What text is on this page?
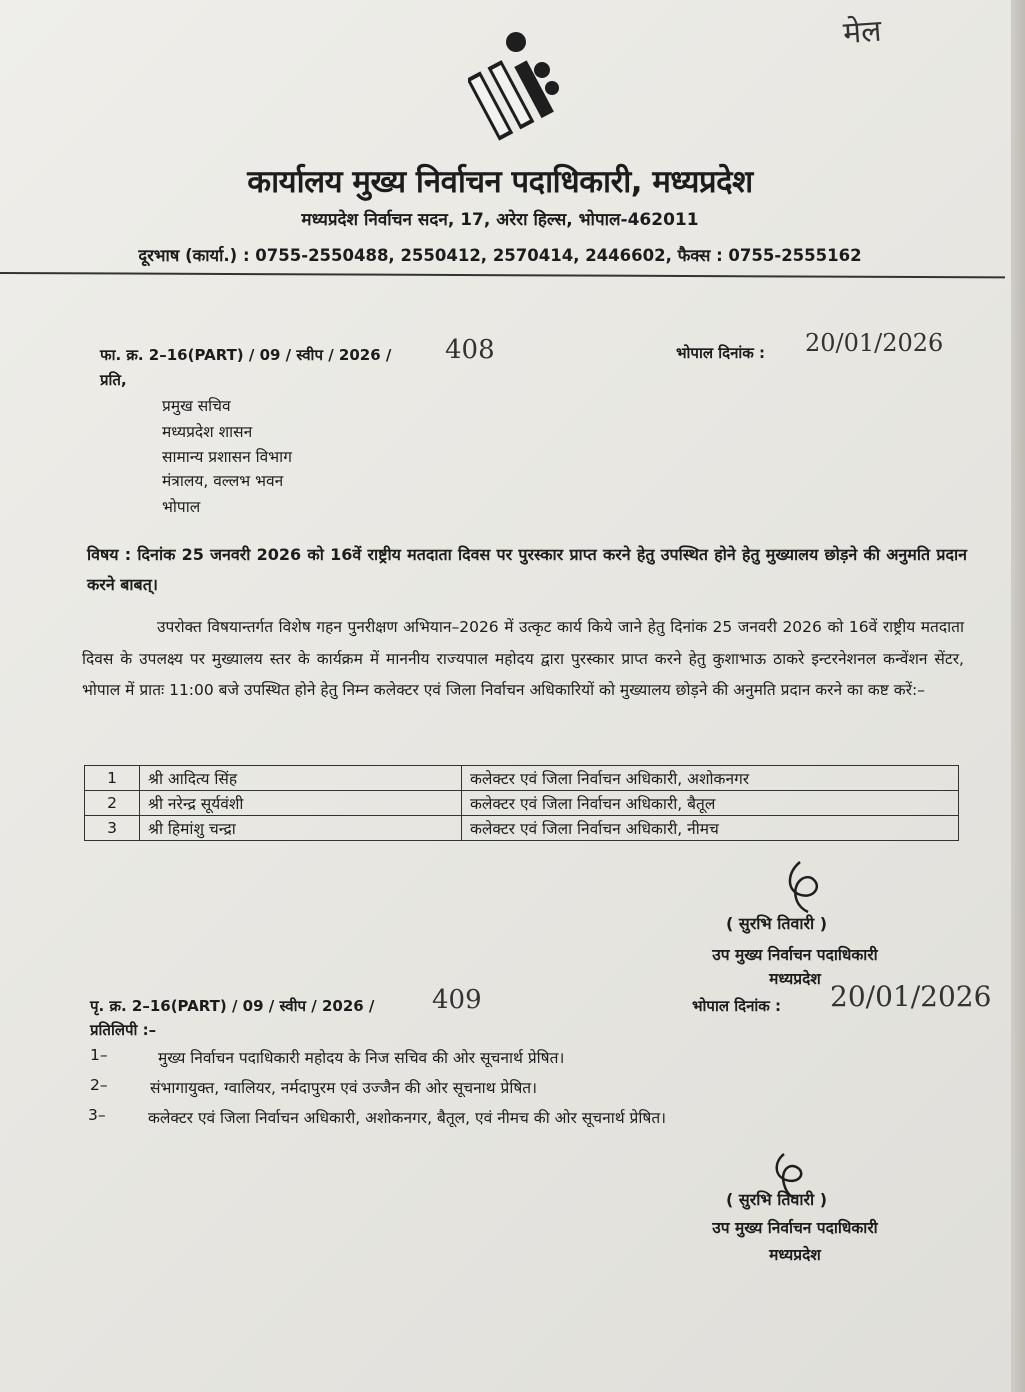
मेल
कार्यालय मुख्य निर्वाचन पदाधिकारी, मध्यप्रदेश
मध्यप्रदेश निर्वाचन सदन, 17, अरेरा हिल्स, भोपाल-462011
दूरभाष (कार्या.) : 0755-2550488, 2550412, 2570414, 2446602, फैक्स : 0755-2555162
फा. क्र. 2–16(PART) / 09 / स्वीप / 2026 / 408	भोपाल दिनांक : 20/01/2026
प्रति,
प्रमुख सचिव
मध्यप्रदेश शासन
सामान्य प्रशासन विभाग
मंत्रालय, वल्लभ भवन
भोपाल
विषय : दिनांक 25 जनवरी 2026 को 16वें राष्ट्रीय मतदाता दिवस पर पुरस्कार प्राप्त करने हेतु उपस्थित होने हेतु मुख्यालय छोड़ने की अनुमति प्रदान करने बाबत्।
उपरोक्त विषयान्तर्गत विशेष गहन पुनरीक्षण अभियान–2026 में उत्कृट कार्य किये जाने हेतु दिनांक 25 जनवरी 2026 को 16वें राष्ट्रीय मतदाता दिवस के उपलक्ष्य पर मुख्यालय स्तर के कार्यक्रम में माननीय राज्यपाल महोदय द्वारा पुरस्कार प्राप्त करने हेतु कुशाभाऊ ठाकरे इन्टरनेशनल कन्वेंशन सेंटर, भोपाल में प्रातः 11:00 बजे उपस्थित होने हेतु निम्न कलेक्टर एवं जिला निर्वाचन अधिकारियों को मुख्यालय छोड़ने की अनुमति प्रदान करने का कष्ट करें:–
1	श्री आदित्य सिंह	कलेक्टर एवं जिला निर्वाचन अधिकारी, अशोकनगर
2	श्री नरेन्द्र सूर्यवंशी	कलेक्टर एवं जिला निर्वाचन अधिकारी, बैतूल
3	श्री हिमांशु चन्द्रा	कलेक्टर एवं जिला निर्वाचन अधिकारी, नीमच
( सुरभि तिवारी )
उप मुख्य निर्वाचन पदाधिकारी
मध्यप्रदेश
पृ. क्र. 2–16(PART) / 09 / स्वीप / 2026 / 409	भोपाल दिनांक : 20/01/2026
प्रतिलिपी :–
1–	मुख्य निर्वाचन पदाधिकारी महोदय के निज सचिव की ओर सूचनार्थ प्रेषित।
2–	संभागायुक्त, ग्वालियर, नर्मदापुरम एवं उज्जैन की ओर सूचनाथ प्रेषित।
3–	कलेक्टर एवं जिला निर्वाचन अधिकारी, अशोकनगर, बैतूल, एवं नीमच की ओर सूचनार्थ प्रेषित।
( सुरभि तिवारी )
उप मुख्य निर्वाचन पदाधिकारी
मध्यप्रदेश
